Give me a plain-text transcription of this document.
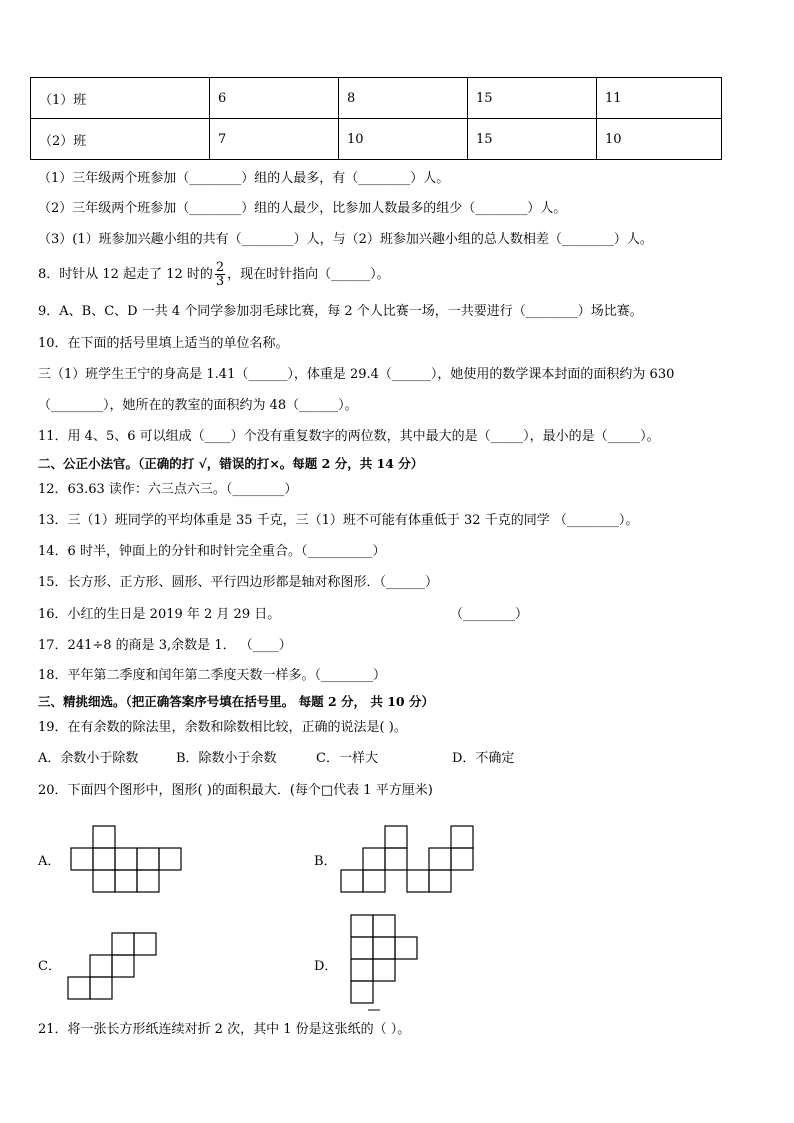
（1）班	6	8	15	11
（2）班	7	10	15	10
（1）三年级两个班参加（________）组的人最多，有（________）人。
（2）三年级两个班参加（________）组的人最少，比参加人数最多的组少（________）人。
（3）(1）班参加兴趣小组的共有（________）人，与（2）班参加兴趣小组的总人数相差（________）人。
8．时针从 12 起走了 12 时的 $\frac{2}{3}$ ，现在时针指向（______）。
9．A、B、C、D 一共 4 个同学参加羽毛球比赛，每 2 个人比赛一场，一共要进行（________）场比赛。
10．在下面的括号里填上适当的单位名称。
三（1）班学生王宁的身高是 1.41（______），体重是 29.4（______），她使用的数学课本封面的面积约为 630
（________），她所在的教室的面积约为 48（______）。
11．用 4、5、6 可以组成（____）个没有重复数字的两位数，其中最大的是（_____），最小的是（_____）。
二、公正小法官。（正确的打 √，错误的打×。每题 2 分，共 14 分）
12．63.63 读作：六三点六三。（________）
13．三（1）班同学的平均体重是 35 千克，三（1）班不可能有体重低于 32 千克的同学 （________）。
14．6 时半，钟面上的分针和时针完全重合。（__________）
15．长方形、正方形、圆形、平行四边形都是轴对称图形．（______）
16．小红的生日是 2019 年 2 月 29 日。	（________）
17．241÷8 的商是 3,余数是 1． （____）
18．平年第二季度和闰年第二季度天数一样多。（________）
三、精挑细选。（把正确答案序号填在括号里。 每题 2 分， 共 10 分）
19．在有余数的除法里，余数和除数相比较，正确的说法是( )。
A．余数小于除数	B．除数小于余数	C．一样大	D．不确定
20．下面四个图形中，图形( )的面积最大．(每个□代表 1 平方厘米)
A．	B．
C．	D．
21．将一张长方形纸连续对折 2 次，其中 1 份是这张纸的（ ）。
